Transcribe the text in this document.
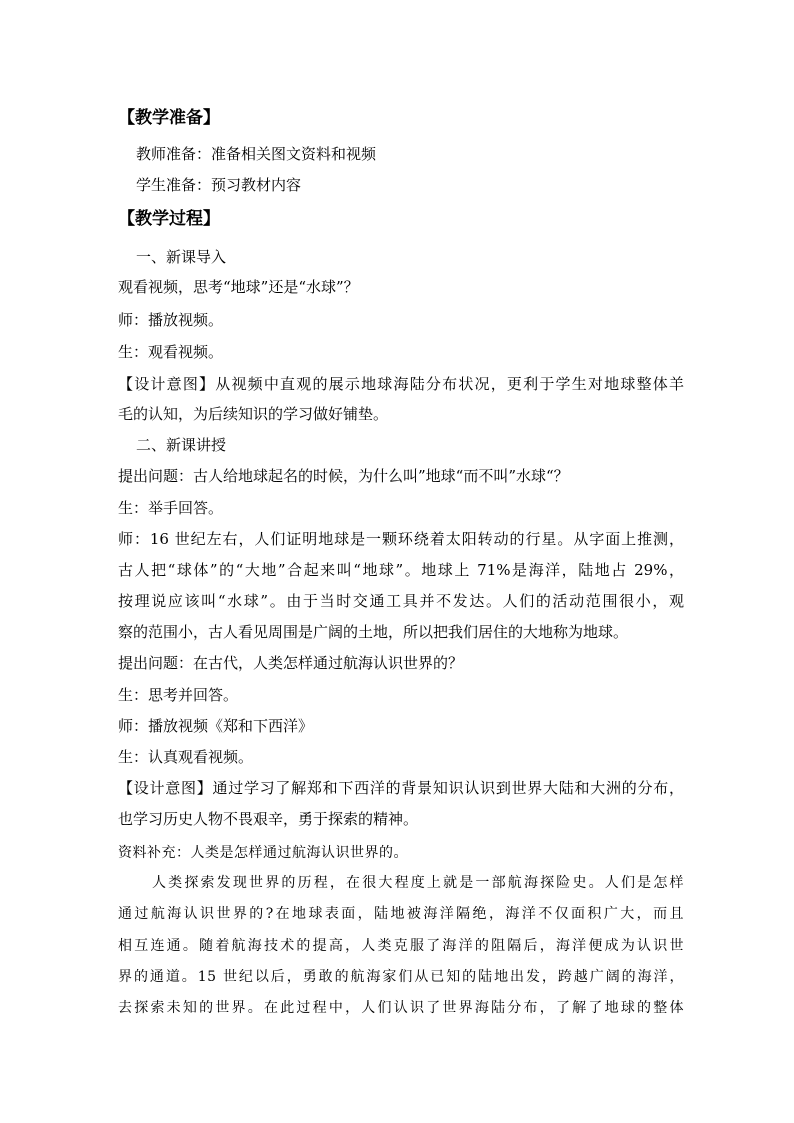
【教学准备】
教师准备：准备相关图文资料和视频
学生准备：预习教材内容
【教学过程】
一、新课导入
观看视频，思考“地球”还是“水球”？
师：播放视频。
生：观看视频。
【设计意图】从视频中直观的展示地球海陆分布状况，更利于学生对地球整体羊
毛的认知，为后续知识的学习做好铺垫。
二、新课讲授
提出问题：古人给地球起名的时候，为什么叫”地球“而不叫”水球“？
生：举手回答。
师：16 世纪左右，人们证明地球是一颗环绕着太阳转动的行星。从字面上推测，
古人把“球体”的“大地”合起来叫“地球”。地球上 71%是海洋，陆地占 29%，
按理说应该叫“水球”。由于当时交通工具并不发达。人们的活动范围很小，观
察的范围小，古人看见周围是广阔的土地，所以把我们居住的大地称为地球。
提出问题：在古代，人类怎样通过航海认识世界的？
生：思考并回答。
师：播放视频《郑和下西洋》
生：认真观看视频。
【设计意图】通过学习了解郑和下西洋的背景知识认识到世界大陆和大洲的分布，
也学习历史人物不畏艰辛，勇于探索的精神。
资料补充：人类是怎样通过航海认识世界的。
人类探索发现世界的历程，在很大程度上就是一部航海探险史。人们是怎样
通过航海认识世界的?在地球表面，陆地被海洋隔绝，海洋不仅面积广大，而且
相互连通。随着航海技术的提高，人类克服了海洋的阻隔后，海洋便成为认识世
界的通道。15 世纪以后，勇敢的航海家们从已知的陆地出发，跨越广阔的海洋，
去探索未知的世界。在此过程中，人们认识了世界海陆分布，了解了地球的整体
